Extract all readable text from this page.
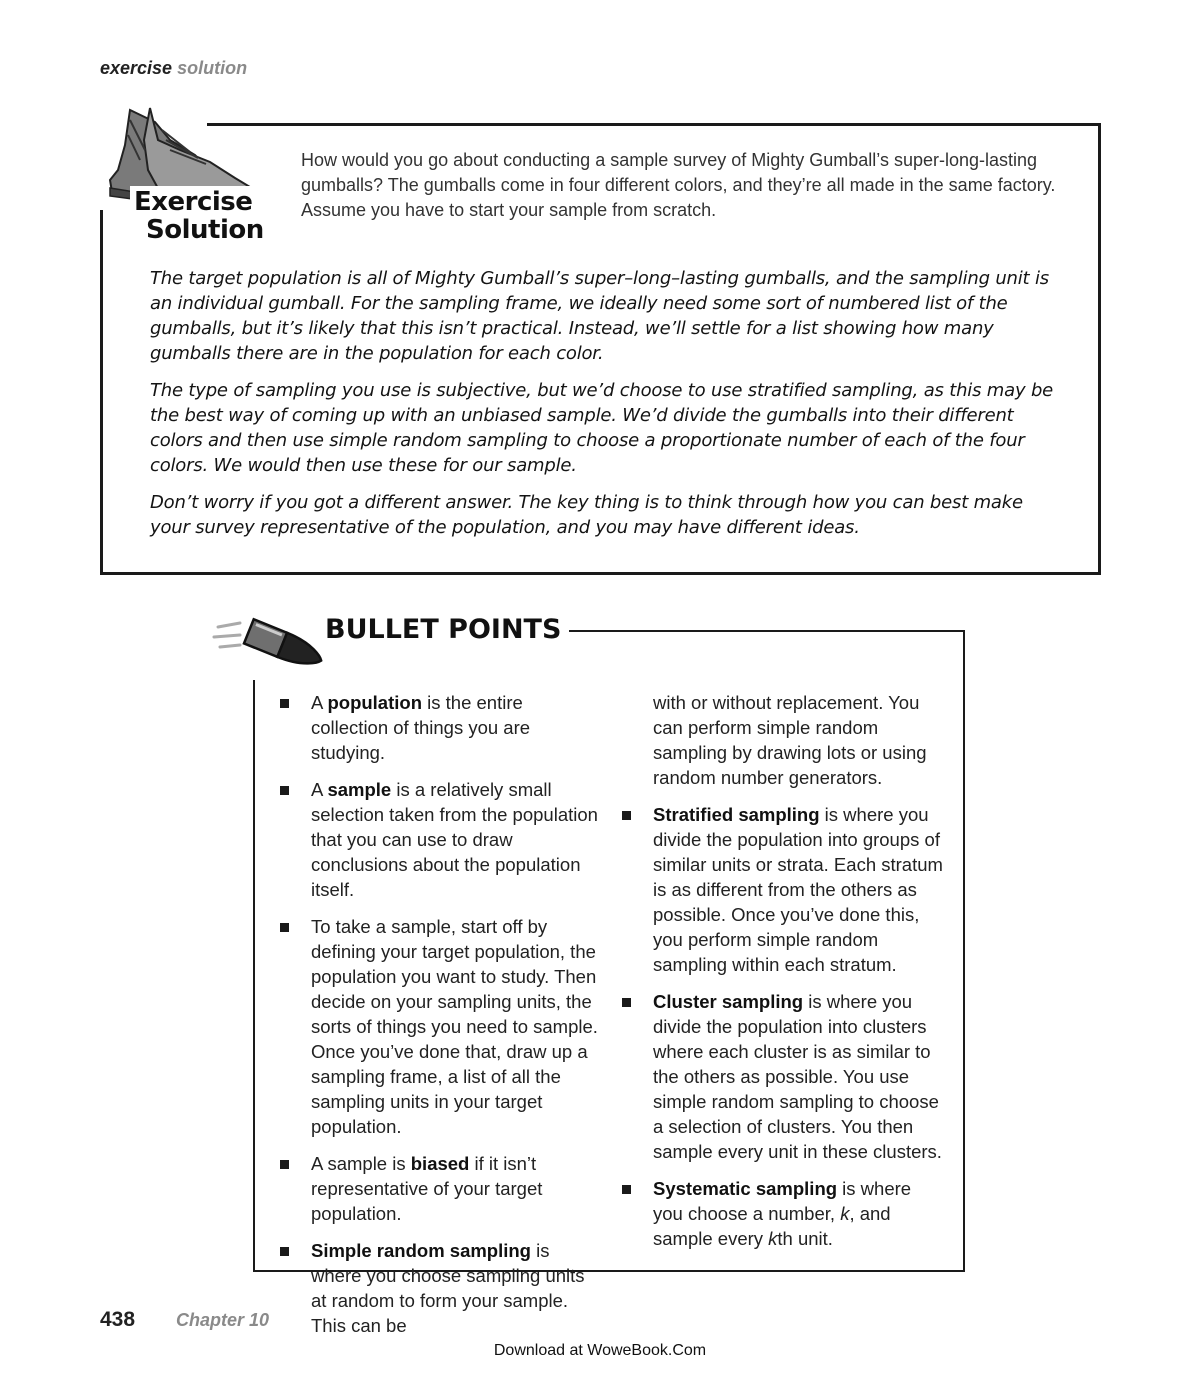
exercise solution
Exercise
Solution
How would you go about conducting a sample survey of Mighty Gumball’s super-long-lasting gumballs? The gumballs come in four different colors, and they’re all made in the same factory. Assume you have to start your sample from scratch.

The target population is all of Mighty Gumball’s super–long–lasting gumballs, and the sampling unit is an individual gumball. For the sampling frame, we ideally need some sort of numbered list of the gumballs, but it’s likely that this isn’t practical. Instead, we’ll settle for a list showing how many gumballs there are in the population for each color.

The type of sampling you use is subjective, but we’d choose to use stratified sampling, as this may be the best way of coming up with an unbiased sample. We’d divide the gumballs into their different colors and then use simple random sampling to choose a proportionate number of each of the four colors. We would then use these for our sample.

Don’t worry if you got a different answer. The key thing is to think through how you can best make your survey representative of the population, and you may have different ideas.

BULLET POINTS
A population is the entire collection of things you are studying.
A sample is a relatively small selection taken from the population that you can use to draw conclusions about the population itself.
To take a sample, start off by defining your target population, the population you want to study. Then decide on your sampling units, the sorts of things you need to sample. Once you’ve done that, draw up a sampling frame, a list of all the sampling units in your target population.
A sample is biased if it isn’t representative of your target population.
Simple random sampling is where you choose sampling units at random to form your sample. This can be
with or without replacement. You can perform simple random sampling by drawing lots or using random number generators.
Stratified sampling is where you divide the population into groups of similar units or strata. Each stratum is as different from the others as possible. Once you’ve done this, you perform simple random sampling within each stratum.
Cluster sampling is where you divide the population into clusters where each cluster is as similar to the others as possible. You use simple random sampling to choose a selection of clusters. You then sample every unit in these clusters.
Systematic sampling is where you choose a number, k, and sample every kth unit.
438 Chapter 10
Download at WoweBook.Com
